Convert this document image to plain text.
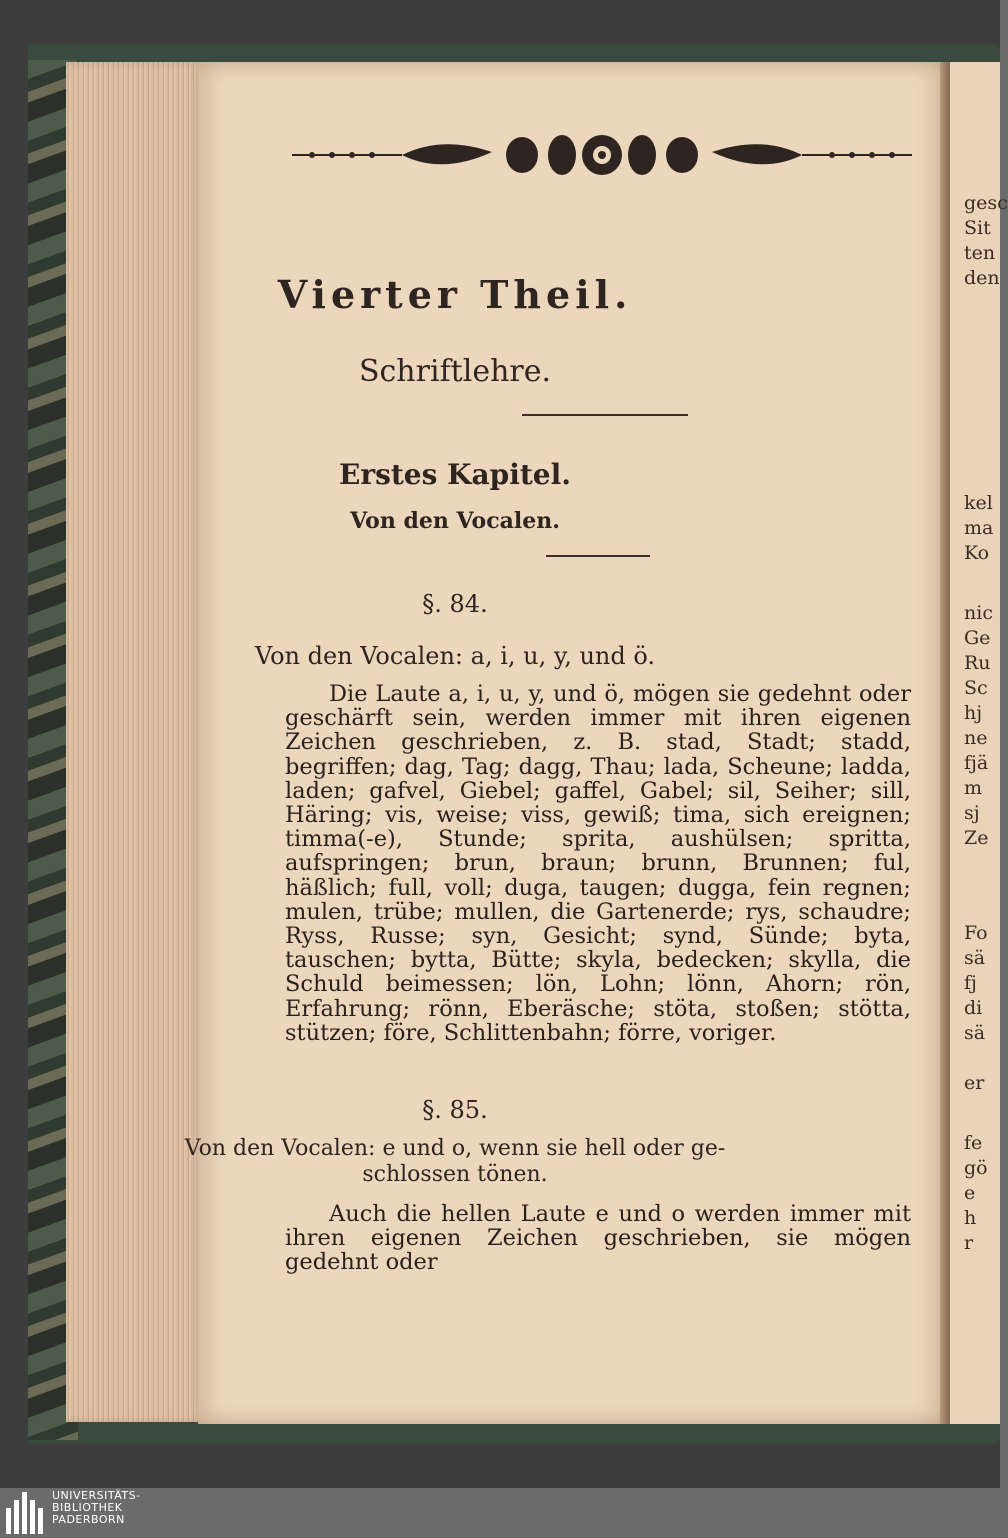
gesc
Sit
ten
den
kel
ma
Ko
nic
Ge
Ru
Sc
hj
ne
fjä
m
sj
Ze
Fo
sä
fj
di
sä
er
fe
gö
e
h
r
Vierter Theil.
Schriftlehre.
Erstes Kapitel.
Von den Vocalen.
§. 84.
Von den Vocalen: a, i, u, y, und ö.

Die Laute a, i, u, y, und ö, mögen sie gedehnt oder geschärft sein, werden immer mit ihren eigenen Zeichen geschrieben, z. B. stad, Stadt; stadd, begriffen; dag, Tag; dagg, Thau; lada, Scheune; ladda, laden; gafvel, Giebel; gaffel, Gabel; sil, Seiher; sill, Häring; vis, weise; viss, gewiß; tima, sich ereignen; timma(-e), Stunde; sprita, aushülsen; spritta, aufspringen; brun, braun; brunn, Brunnen; ful, häßlich; full, voll; duga, taugen; dugga, fein regnen; mulen, trübe; mullen, die Gartenerde; rys, schaudre; Ryss, Russe; syn, Gesicht; synd, Sünde; byta, tauschen; bytta, Bütte; skyla, bedecken; skylla, die Schuld beimessen; lön, Lohn; lönn, Ahorn; rön, Erfahrung; rönn, Eberäsche; stöta, stoßen; stötta, stützen; före, Schlittenbahn; förre, voriger.

§. 85.
Von den Vocalen: e und o, wenn sie hell oder ge-
schlossen tönen.

Auch die hellen Laute e und o werden immer mit ihren eigenen Zeichen geschrieben, sie mögen gedehnt oder

UNIVERSITÄTS-
BIBLIOTHEK
PADERBORN
